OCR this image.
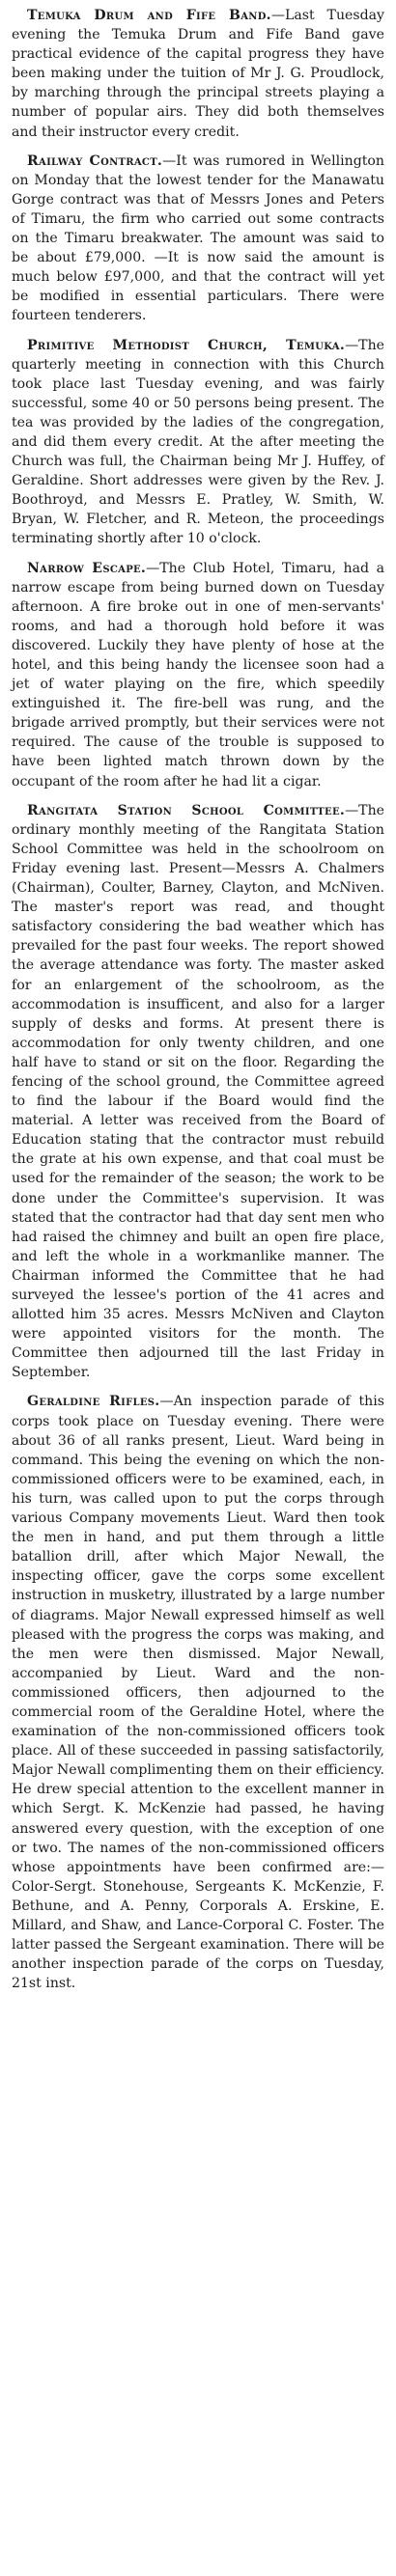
Temuka Drum and Fife Band.—Last Tuesday evening the Temuka Drum and Fife Band gave practical evidence of the capital progress they have been making under the tuition of Mr J. G. Proudlock, by marching through the principal streets playing a number of popular airs. They did both themselves and their instructor every credit.

Railway Contract.—It was rumored in Wellington on Monday that the lowest tender for the Manawatu Gorge contract was that of Messrs Jones and Peters of Timaru, the firm who carried out some contracts on the Timaru breakwater. The amount was said to be about £79,000. —It is now said the amount is much below £97,000, and that the contract will yet be modified in essential particulars. There were fourteen tenderers.

Primitive Methodist Church, Temuka.—The quarterly meeting in connection with this Church took place last Tuesday evening, and was fairly successful, some 40 or 50 persons being present. The tea was provided by the ladies of the congregation, and did them every credit. At the after meeting the Church was full, the Chairman being Mr J. Huffey, of Geraldine. Short addresses were given by the Rev. J. Boothroyd, and Messrs E. Pratley, W. Smith, W. Bryan, W. Fletcher, and R. Meteon, the proceedings terminating shortly after 10 o'clock.

Narrow Escape.—The Club Hotel, Timaru, had a narrow escape from being burned down on Tuesday afternoon. A fire broke out in one of men-servants' rooms, and had a thorough hold before it was discovered. Luckily they have plenty of hose at the hotel, and this being handy the licensee soon had a jet of water playing on the fire, which speedily extinguished it. The fire-bell was rung, and the brigade arrived promptly, but their services were not required. The cause of the trouble is supposed to have been lighted match thrown down by the occupant of the room after he had lit a cigar.

Rangitata Station School Committee.—The ordinary monthly meeting of the Rangitata Station School Committee was held in the schoolroom on Friday evening last. Present—Messrs A. Chalmers (Chairman), Coulter, Barney, Clayton, and McNiven. The master's report was read, and thought satisfactory considering the bad weather which has prevailed for the past four weeks. The report showed the average attendance was forty. The master asked for an enlargement of the schoolroom, as the accommodation is insufficent, and also for a larger supply of desks and forms. At present there is accommodation for only twenty children, and one half have to stand or sit on the floor. Regarding the fencing of the school ground, the Committee agreed to find the labour if the Board would find the material. A letter was received from the Board of Education stating that the contractor must rebuild the grate at his own expense, and that coal must be used for the remainder of the season; the work to be done under the Committee's supervision. It was stated that the contractor had that day sent men who had raised the chimney and built an open fire place, and left the whole in a workmanlike manner. The Chairman informed the Committee that he had surveyed the lessee's portion of the 41 acres and allotted him 35 acres. Messrs McNiven and Clayton were appointed visitors for the month. The Committee then adjourned till the last Friday in September.

Geraldine Rifles.—An inspection parade of this corps took place on Tuesday evening. There were about 36 of all ranks present, Lieut. Ward being in command. This being the evening on which the non-commissioned officers were to be examined, each, in his turn, was called upon to put the corps through various Company movements Lieut. Ward then took the men in hand, and put them through a little batallion drill, after which Major Newall, the inspecting officer, gave the corps some excellent instruction in musketry, illustrated by a large number of diagrams. Major Newall expressed himself as well pleased with the progress the corps was making, and the men were then dismissed. Major Newall, accompanied by Lieut. Ward and the non-commissioned officers, then adjourned to the commercial room of the Geraldine Hotel, where the examination of the non-commissioned officers took place. All of these succeeded in passing satisfactorily, Major Newall complimenting them on their efficiency. He drew special attention to the excellent manner in which Sergt. K. McKenzie had passed, he having answered every question, with the exception of one or two. The names of the non-commissioned officers whose appointments have been confirmed are:—Color-Sergt. Stonehouse, Sergeants K. McKenzie, F. Bethune, and A. Penny, Corporals A. Erskine, E. Millard, and Shaw, and Lance-Corporal C. Foster. The latter passed the Sergeant examination. There will be another inspection parade of the corps on Tuesday, 21st inst.
